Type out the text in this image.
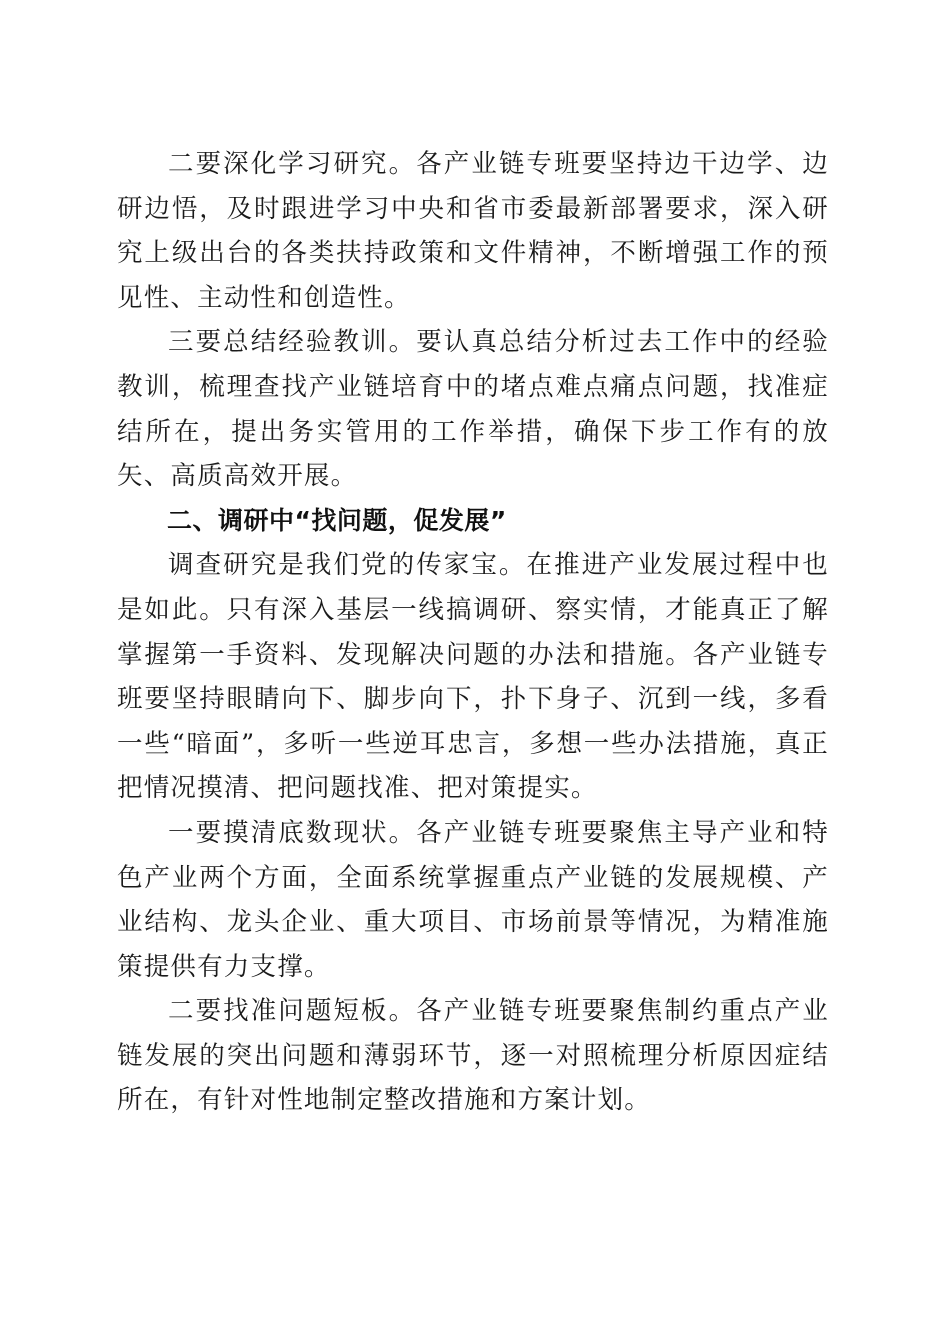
二要深化学习研究。各产业链专班要坚持边干边学、边研边悟，及时跟进学习中央和省市委最新部署要求，深入研究上级出台的各类扶持政策和文件精神，不断增强工作的预见性、主动性和创造性。

三要总结经验教训。要认真总结分析过去工作中的经验教训，梳理查找产业链培育中的堵点难点痛点问题，找准症结所在，提出务实管用的工作举措，确保下步工作有的放矢、高质高效开展。

二、调研中“找问题，促发展”

调查研究是我们党的传家宝。在推进产业发展过程中也是如此。只有深入基层一线搞调研、察实情，才能真正了解掌握第一手资料、发现解决问题的办法和措施。各产业链专班要坚持眼睛向下、脚步向下，扑下身子、沉到一线，多看一些“暗面”，多听一些逆耳忠言，多想一些办法措施，真正把情况摸清、把问题找准、把对策提实。

一要摸清底数现状。各产业链专班要聚焦主导产业和特色产业两个方面，全面系统掌握重点产业链的发展规模、产业结构、龙头企业、重大项目、市场前景等情况，为精准施策提供有力支撑。

二要找准问题短板。各产业链专班要聚焦制约重点产业链发展的突出问题和薄弱环节，逐一对照梳理分析原因症结所在，有针对性地制定整改措施和方案计划。
